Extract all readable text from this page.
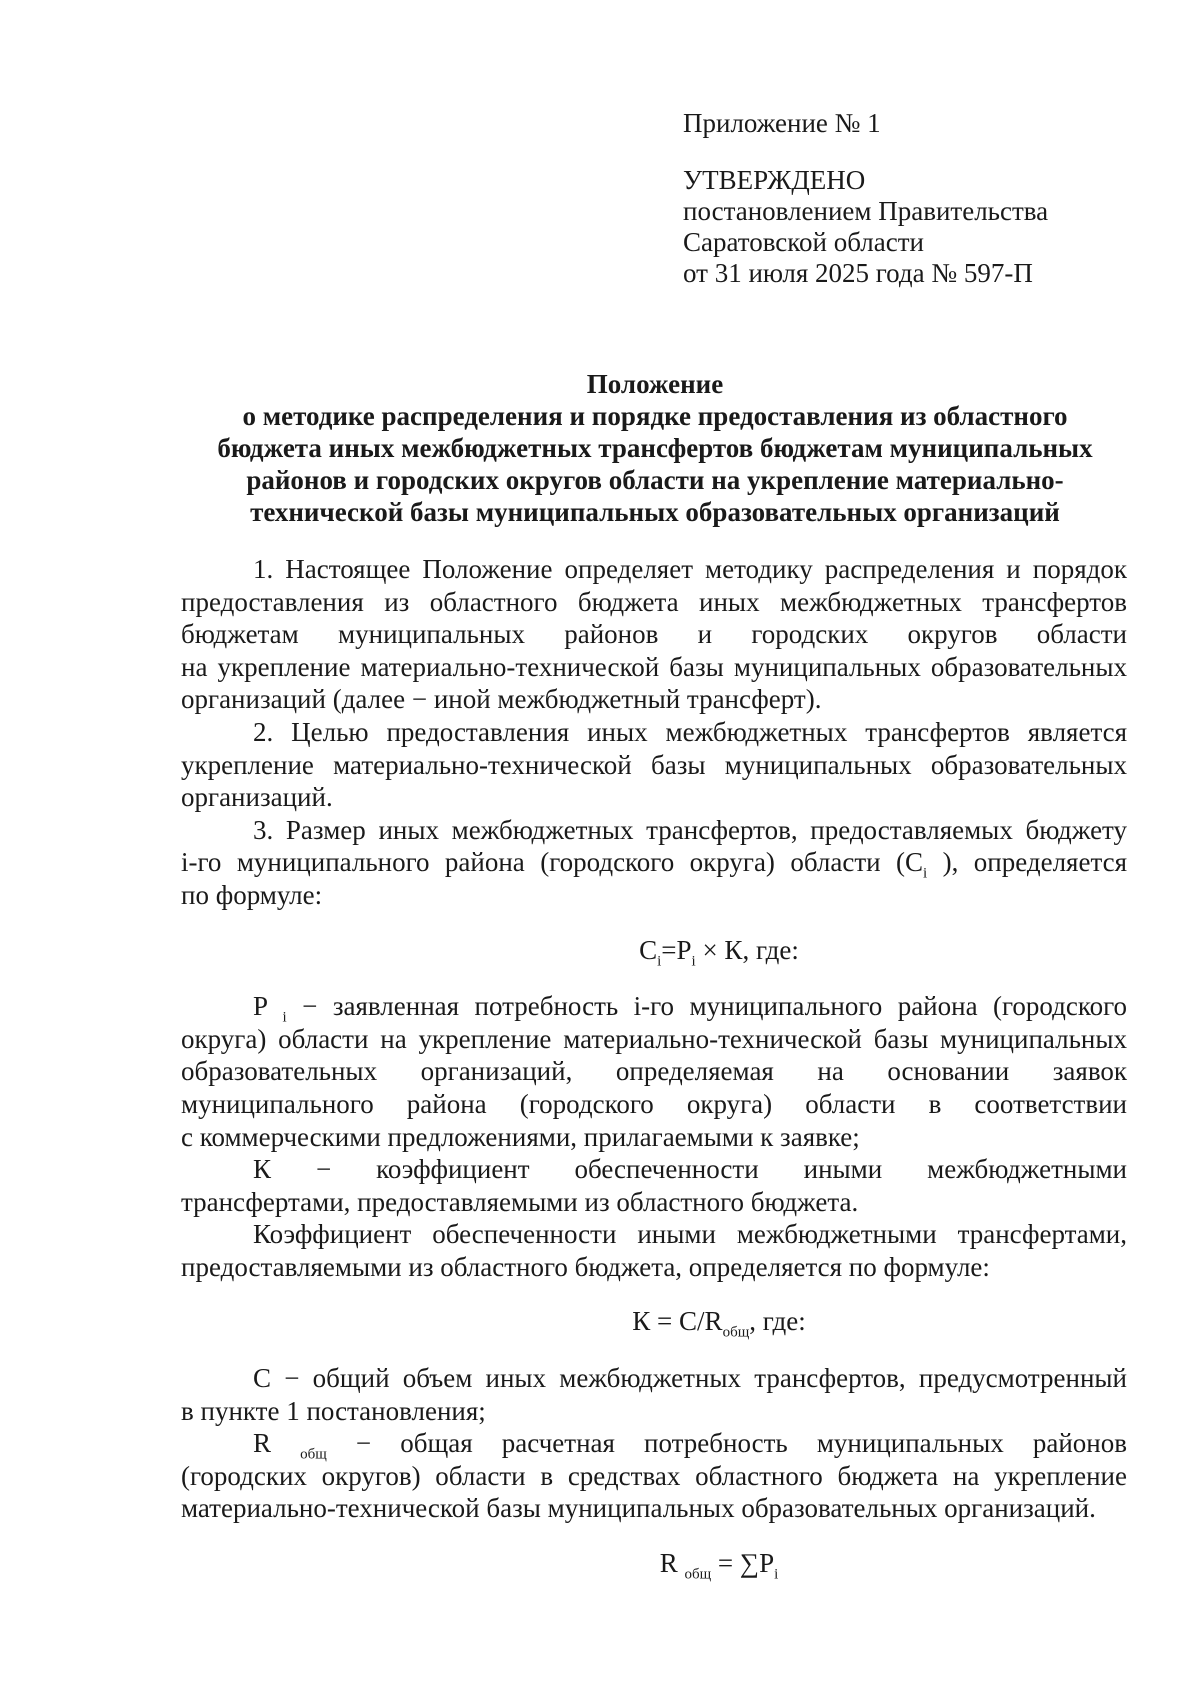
Приложение № 1
УТВЕРЖДЕНО
постановлением Правительства
Саратовской области
от 31 июля 2025 года № 597-П
Положение
о методике распределения и порядке предоставления из областного
бюджета иных межбюджетных трансфертов бюджетам муниципальных
районов и городских округов области на укрепление материально-
технической базы муниципальных образовательных организаций
1. Настоящее Положение определяет методику распределения и порядок
предоставления из областного бюджета иных межбюджетных трансфертов
бюджетам муниципальных районов и городских округов области
на укрепление материально-технической базы муниципальных образовательных
организаций (далее − иной межбюджетный трансферт).
2. Целью предоставления иных межбюджетных трансфертов является
укрепление материально-технической базы муниципальных образовательных
организаций.
3. Размер иных межбюджетных трансфертов, предоставляемых бюджету
i-го муниципального района (городского округа) области ($C_i$ ), определяется
по формуле:
$C_i=P_i \times К$, где:
P $_i$ − заявленная потребность i-го муниципального района (городского
округа) области на укрепление материально-технической базы муниципальных
образовательных организаций, определяемая на основании заявок
муниципального района (городского округа) области в соответствии
с коммерческими предложениями, прилагаемыми к заявке;
К − коэффициент обеспеченности иными межбюджетными
трансфертами, предоставляемыми из областного бюджета.
Коэффициент обеспеченности иными межбюджетными трансфертами,
предоставляемыми из областного бюджета, определяется по формуле:
$К = С/R_{общ}$, где:
С − общий объем иных межбюджетных трансфертов, предусмотренный
в пункте 1 постановления;
R $_{общ}$ − общая расчетная потребность муниципальных районов
(городских округов) области в средствах областного бюджета на укрепление
материально-технической базы муниципальных образовательных организаций.
R $_{общ} = \sum P_i$
